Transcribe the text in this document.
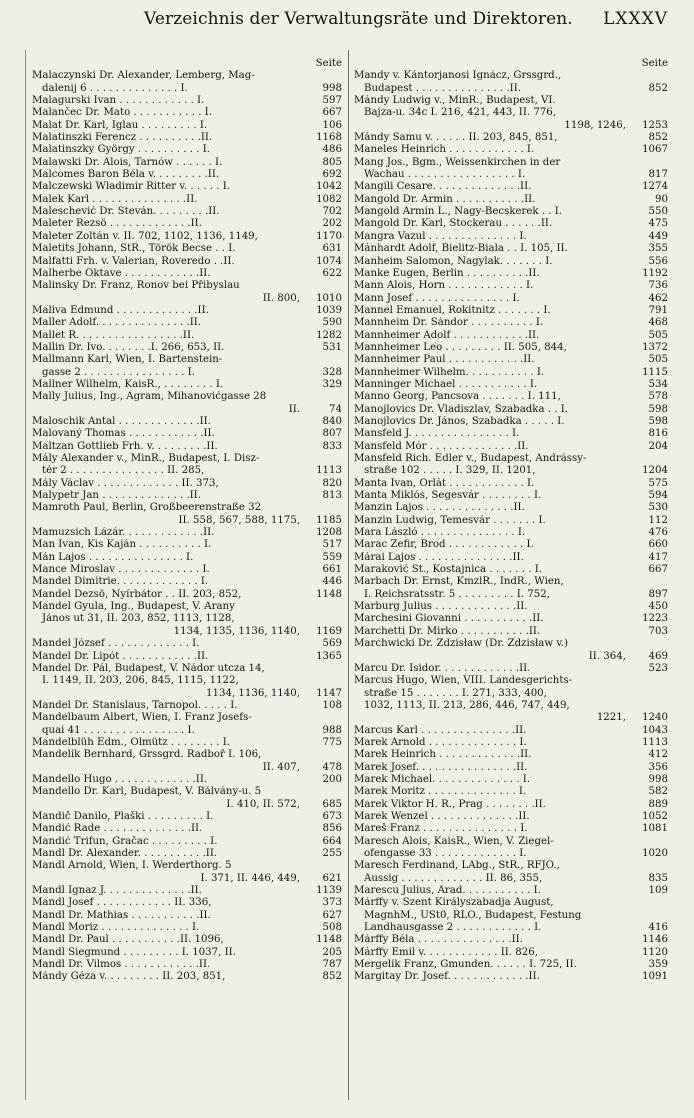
Verzeichnis der Verwaltungsräte und Direktoren. LXXXV
Seite
Malaczynski Dr. Alexander, Lemberg, Mag-
dalenij 6 . . . . . . . . . . . . . . I.	998
Malagurski Ivan . . . . . . . . . . . . I.	597
Malančec Dr. Mato . . . . . . . . . . . I.	667
Malat Dr. Karl, Iglau . . . . . . . . . I.	106
Malatinszki Ferencz . . . . . . . . . .II.	1168
Malatinszky György . . . . . . . . . . I.	486
Malawski Dr. Alois, Tarnów . . . . . . I.	805
Malcomes Baron Béla v. . . . . . . . .II.	692
Malczewski Wladimir Ritter v. . . . . . I.	1042
Malek Karl . . . . . . . . . . . . . . .II.	1082
Maleschević Dr. Steván. . . . . . . . .II.	702
Maleter Rezsö . . . . . . . . . . . . .II.	202
Maleter Zoltán v. II. 702, 1102, 1136, 1149,	1170
Maletits Johann, StR., Török Becse . . I.	631
Malfatti Frh. v. Valerian, Roveredo . .II.	1074
Malherbe Oktave . . . . . . . . . . . .II.	622
Malinsky Dr. Franz, Ronov bei Přibyslau
II. 800,	1010
Maliva Edmund . . . . . . . . . . . . .II.	1039
Maller Adolf. . . . . . . . . . . . . . .II.	590
Mallet R. . . . . . . . . . . . . . . . .II.	1282
Mallin Dr. Ivo. . . . . . . .I. 266, 653, II.	531
Mallmann Karl, Wien, I. Bartenstein-
gasse 2 . . . . . . . . . . . . . . . . I.	328
Mallner Wilhelm, KaisR., . . . . . . . . I.	329
Mally Julius, Ing., Agram, Mihanovićgasse 28
II.	74
Maloschik Antal . . . . . . . . . . . . .II.	840
Malovaný Thomas . . . . . . . . . . . .II.	807
Maltzan Gottlieb Frh. v. . . . . . . . .II.	833
Mály Alexander v., MinR., Budapest, I. Disz-
tér 2 . . . . . . . . . . . . . . . II. 285,	1113
Mály Václav . . . . . . . . . . . . . II. 373,	820
Malypetr Jan . . . . . . . . . . . . . .II.	813
Mamroth Paul, Berlin, Großbeerenstraße 32
II. 558, 567, 588, 1175,	1185
Mamuzsich Lázár. . . . . . . . . . . . .II.	1208
Man Ivan, Kis Kaján . . . . . . . . . . I.	517
Mán Lajos . . . . . . . . . . . . . . . I.	559
Mance Miroslav . . . . . . . . . . . . . I.	661
Mandel Dimitrie. . . . . . . . . . . . . I.	446
Mandel Dezsö, Nyírbátor . . II. 203, 852,	1148
Mandel Gyula, Ing., Budapest, V. Arany
János ut 31, II. 203, 852, 1113, 1128,
1134, 1135, 1136, 1140,	1169
Mandel József . . . . . . . . . . . . . I.	569
Mandel Dr. Lipót . . . . . . . . . . . .II.	1365
Mandel Dr. Pál, Budapest, V. Nádor utcza 14,
I. 1149, II. 203, 206, 845, 1115, 1122,
1134, 1136, 1140,	1147
Mandel Dr. Stanislaus, Tarnopol. . . . . I.	108
Mandelbaum Albert, Wien, I. Franz Josefs-
quai 41 . . . . . . . . . . . . . . . . I.	988
Mandelblüh Edm., Olmütz . . . . . . . . I.	775
Mandelik Bernhard, Grssgrd. Radboř I. 106,
II. 407,	478
Mandello Hugo . . . . . . . . . . . . .II.	200
Mandello Dr. Karl, Budapest, V. Bálvány-u. 5
I. 410, II. 572,	685
Mandič Danilo, Plaški . . . . . . . . . I.	673
Mandić Rade . . . . . . . . . . . . . .II.	856
Mandić Trifun, Gračac . . . . . . . . . I.	664
Mandl Dr. Alexander. . . . . . . . . . .II.	255
Mandl Arnold, Wien, I. Werderthorg. 5
I. 371, II. 446, 449,	621
Mandl Ignaz J. . . . . . . . . . . . . .II.	1139
Mandl Josef . . . . . . . . . . . . II. 336,	373
Mandl Dr. Mathias . . . . . . . . . . .II.	627
Mandl Moriz . . . . . . . . . . . . . . I.	508
Mandl Dr. Paul . . . . . . . . . . .II. 1096,	1148
Mandl Siegmund . . . . . . . . . I. 1037, II.	205
Mandl Dr. Vilmos . . . . . . . . . . . .II.	787
Mándy Géza v. . . . . . . . . II. 203, 851,	852
Seite
Mandy v. Kántorjanosi Ignácz, Grssgrd.,
Budapest . . . . . . . . . . . . . . .II.	852
Mándy Ludwig v., MinR., Budapest, VI.
Bajza-u. 34c I. 216, 421, 443, II. 776,
1198, 1246,	1253
Mándy Samu v. . . . . . II. 203, 845, 851,	852
Maneles Heinrich . . . . . . . . . . . . I.	1067
Mang Jos., Bgm., Weissenkirchen in der
Wachau . . . . . . . . . . . . . . . . . I.	817
Mangili Cesare. . . . . . . . . . . . . .II.	1274
Mangold Dr. Armin . . . . . . . . . . .II.	90
Mangold Armin L., Nagy-Becskerek . . I.	550
Mangold Dr. Karl, Stockerau . . . . . .II.	475
Mangra Vazul . . . . . . . . . . . . . . I.	449
Mánhardt Adolf, Bielitz-Biala . . I. 105, II.	355
Manheim Salomon, Nagylak. . . . . . . I.	556
Manke Eugen, Berlin . . . . . . . . . .II.	1192
Mann Alois, Horn . . . . . . . . . . . . I.	736
Mann Josef . . . . . . . . . . . . . . . I.	462
Mannel Emanuel, Rokitnitz . . . . . . . I.	791
Mannheim Dr. Sándor . . . . . . . . . . I.	468
Mannheimer Adolf . . . . . . . . . . . .II.	505
Mannheimer Leo . . . . . . . . . II. 505, 844,	1372
Mannheimer Paul . . . . . . . . . . . .II.	505
Mannheimer Wilhelm. . . . . . . . . . . I.	1115
Manninger Michael . . . . . . . . . . . I.	534
Manno Georg, Pancsova . . . . . . . I. 111,	578
Manojlovics Dr. Vladiszlav, Szabadka . . I.	598
Manojlovics Dr. János, Szabadka . . . . . I.	598
Mansfeld J. . . . . . . . . . . . . . . . I.	816
Mansfeld Mór . . . . . . . . . . . . . .II.	204
Mansfeld Rich. Edler v., Budapest, Andrássy-
straße 102 . . . . . I. 329, II. 1201,	1204
Manta Ivan, Orlát . . . . . . . . . . . . I.	575
Manta Miklós, Segesvár . . . . . . . . I.	594
Manzin Lajos . . . . . . . . . . . . . .II.	530
Manzin Ludwig, Temesvár . . . . . . . I.	112
Mara László . . . . . . . . . . . . . . . I.	476
Marac Zefir, Brod . . . . . . . . . . . . I.	660
Márai Lajos . . . . . . . . . . . . . . .II.	417
Maraković St., Kostajnica . . . . . . . I.	667
Marbach Dr. Ernst, KmzlR., IndR., Wien,
I. Reichsratsstr. 5 . . . . . . . . . I. 752,	897
Marburg Julius . . . . . . . . . . . . .II.	450
Marchesini Giovanni . . . . . . . . . . .II.	1223
Marchetti Dr. Mirko . . . . . . . . . . .II.	703
Marchwicki Dr. Zdzisław (Dr. Zdzisław v.)
II. 364,	469
Marcu Dr. Isidor. . . . . . . . . . . . .II.	523
Marcus Hugo, Wien, VIII. Landesgerichts-
straße 15 . . . . . . . I. 271, 333, 400,
1032, 1113, II. 213, 286, 446, 747, 449,
1221,	1240
Marcus Karl . . . . . . . . . . . . . . .II.	1043
Marek Arnold . . . . . . . . . . . . . . I.	1113
Marek Heinrich . . . . . . . . . . . . .II.	412
Marek Josef. . . . . . . . . . . . . . . .II.	356
Marek Michael. . . . . . . . . . . . . . I.	998
Marek Moritz . . . . . . . . . . . . . . I.	582
Marek Viktor H. R., Prag . . . . . . . .II.	889
Marek Wenzel . . . . . . . . . . . . . .II.	1052
Mareš Franz . . . . . . . . . . . . . . . I.	1081
Maresch Alois, KaisR., Wien, V. Ziegel-
ofengasse 33 . . . . . . . . . . . . . I.	1020
Maresch Ferdinand, LAbg., StR., RFJO.,
Aussig . . . . . . . . . . . . . II. 86, 355,	835
Marescu Julius, Arad. . . . . . . . . . . I.	109
Márffy v. Szent Királyszabadja August,
MagnhM., USt0, RLO., Budapest, Festung
Landhausgasse 2 . . . . . . . . . . . . I.	416
Márffy Béla . . . . . . . . . . . . . . .II.	1146
Márffy Emil v. . . . . . . . . . . . II. 826,	1120
Mergelik Franz, Gmunden. . . . . . I. 725, II.	359
Margitay Dr. Josef. . . . . . . . . . . . .II.	1091
